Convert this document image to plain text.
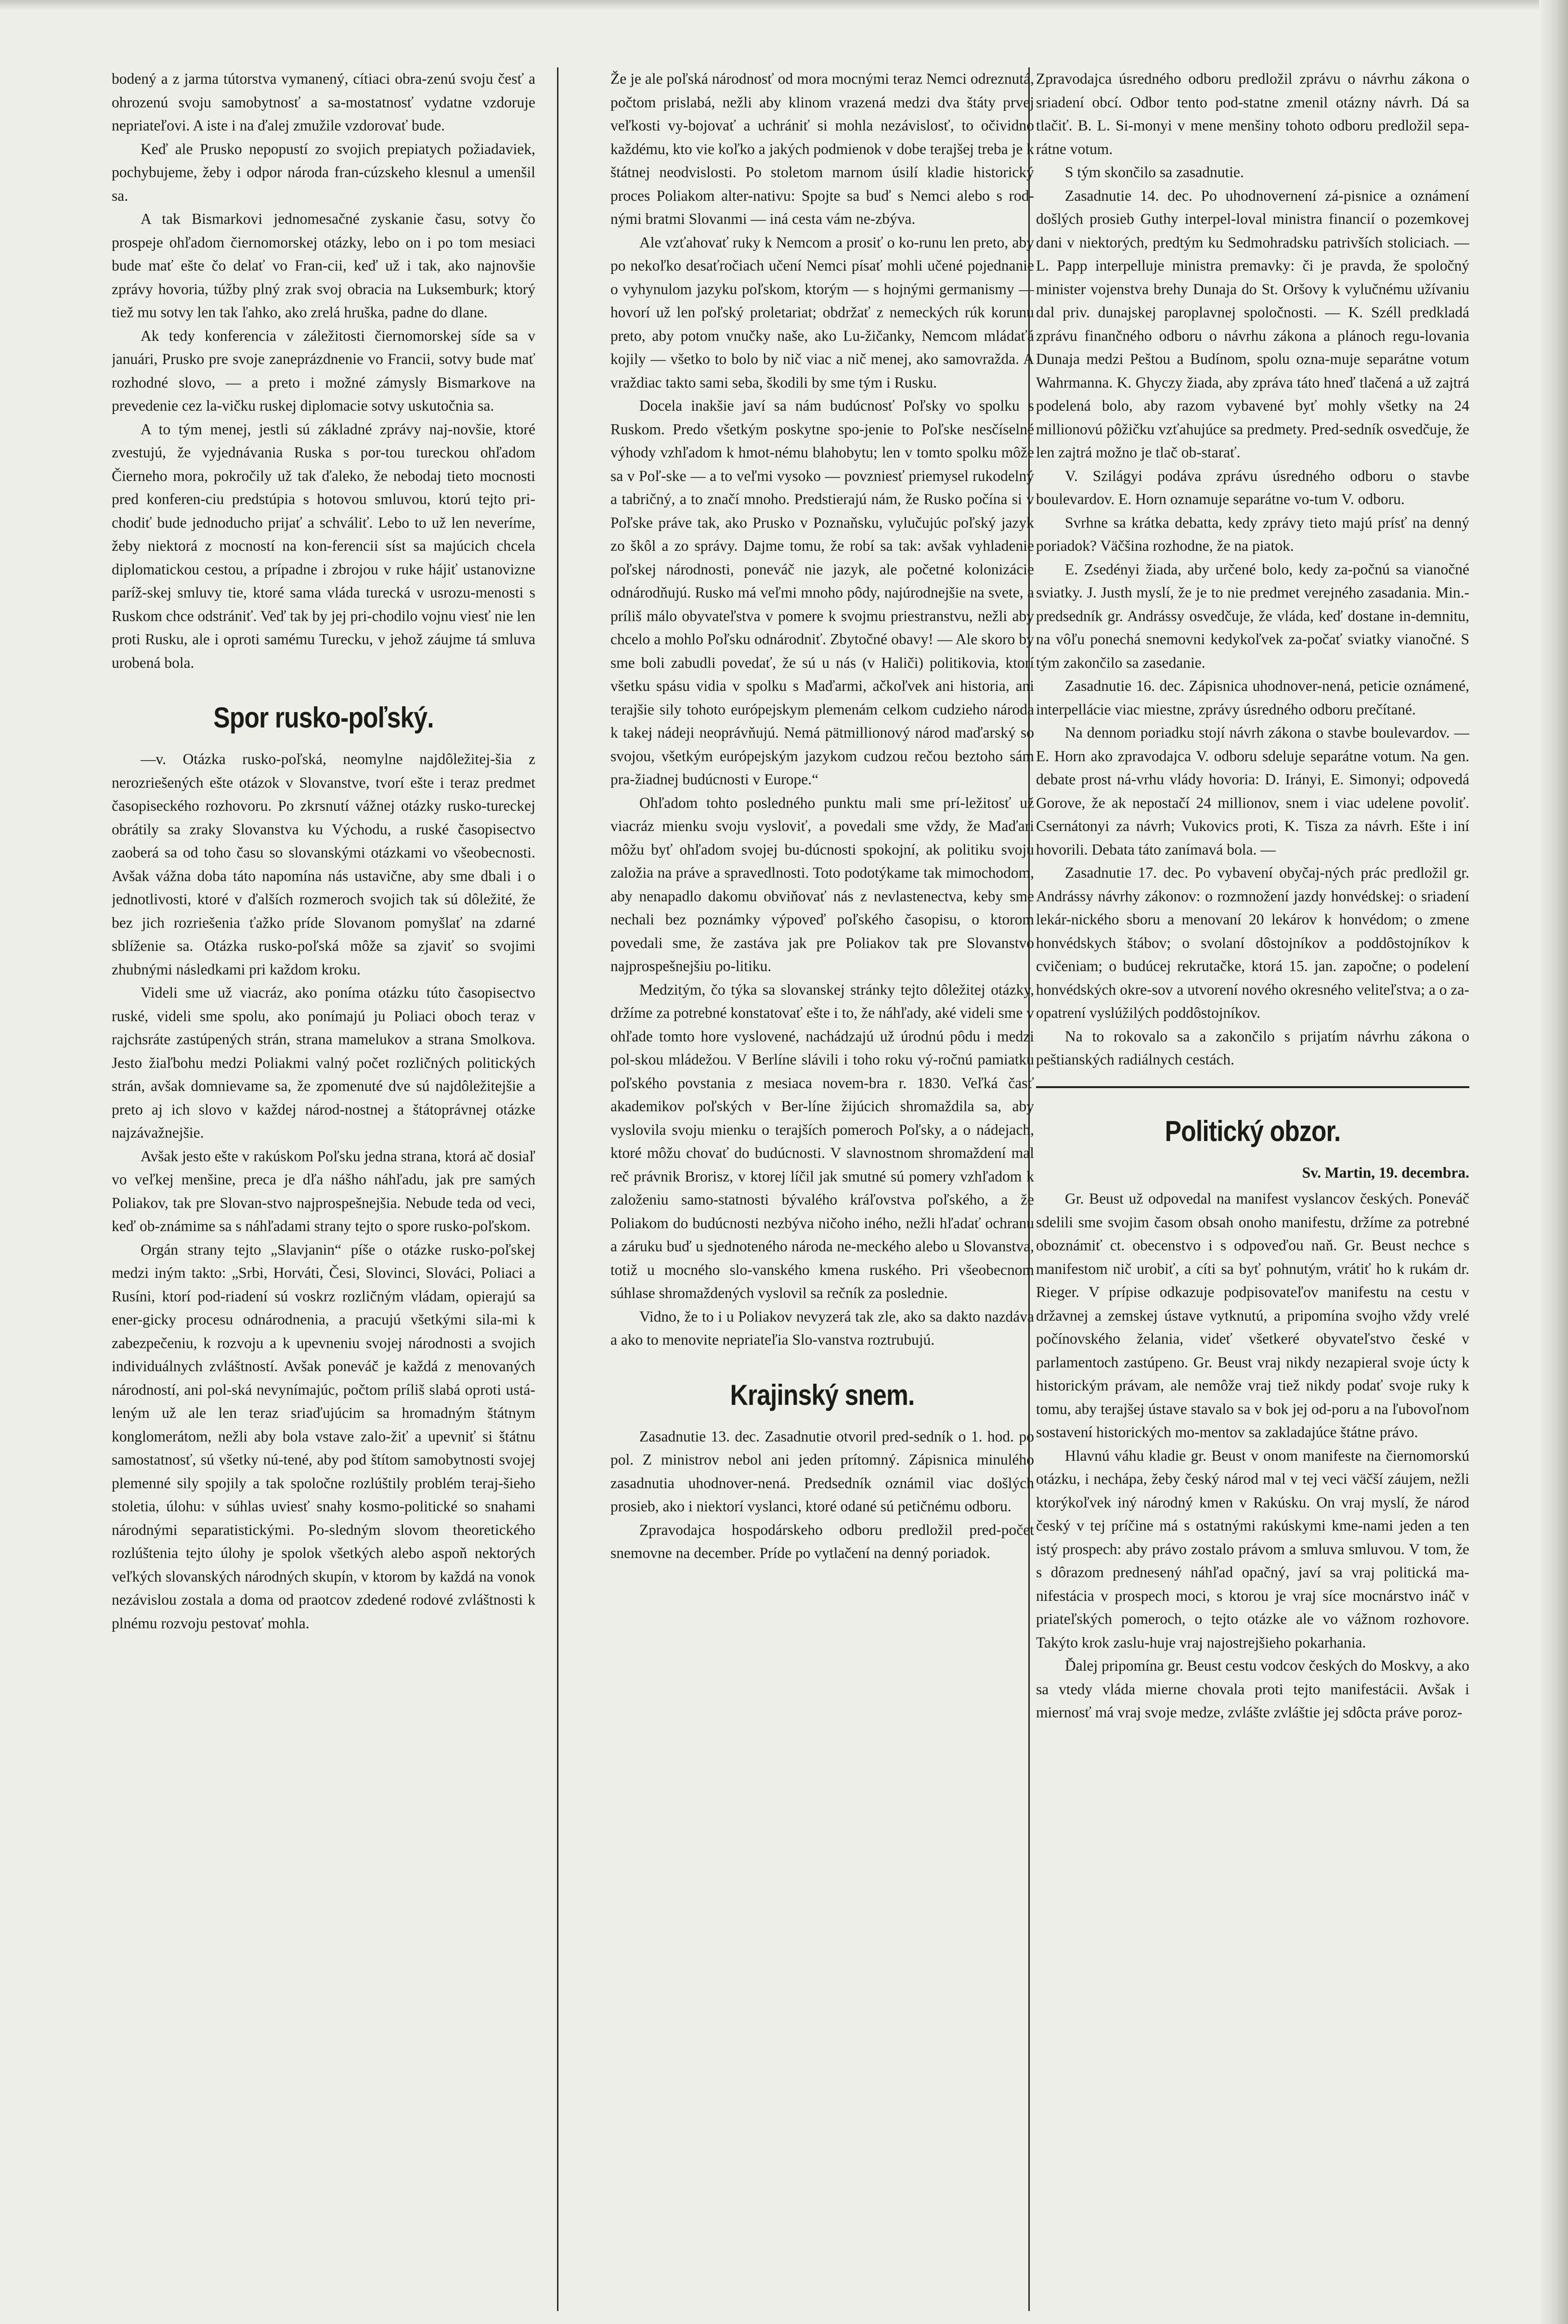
bodený a z jarma tútorstva vymanený, cítiaci obra-zenú svoju česť a ohrozenú svoju samobytnosť a sa-mostatnosť vydatne vzdoruje nepriateľovi. A iste i na ďalej zmužile vzdorovať bude.

Keď ale Prusko nepopustí zo svojich prepiatych požiadaviek, pochybujeme, žeby i odpor národa fran-cúzskeho klesnul a umenšil sa.

A tak Bismarkovi jednomesačné zyskanie času, sotvy čo prospeje ohľadom čiernomorskej otázky, lebo on i po tom mesiaci bude mať ešte čo delať vo Fran-cii, keď už i tak, ako najnovšie zprávy hovoria, túžby plný zrak svoj obracia na Luksemburk; ktorý tiež mu sotvy len tak ľahko, ako zrelá hruška, padne do dlane.

Ak tedy konferencia v záležitosti čiernomorskej síde sa v januári, Prusko pre svoje zaneprázdnenie vo Francii, sotvy bude mať rozhodné slovo, — a preto i možné zámysly Bismarkove na prevedenie cez la-vičku ruskej diplomacie sotvy uskutočnia sa.

A to tým menej, jestli sú základné zprávy naj-novšie, ktoré zvestujú, že vyjednávania Ruska s por-tou tureckou ohľadom Čierneho mora, pokročily už tak ďaleko, že nebodaj tieto mocnosti pred konferen-ciu predstúpia s hotovou smluvou, ktorú tejto pri-chodiť bude jednoducho prijať a schváliť. Lebo to už len neveríme, žeby niektorá z mocností na kon-ferencii síst sa majúcich chcela diplomatickou cestou, a prípadne i zbrojou v ruke hájiť ustanovizne paríž-skej smluvy tie, ktoré sama vláda turecká v usrozu-menosti s Ruskom chce odstrániť. Veď tak by jej pri-chodilo vojnu viesť nie len proti Rusku, ale i oproti samému Turecku, v jehož záujme tá smluva urobená bola.

Spor rusko-poľský.

—v. Otázka rusko-poľská, neomylne najdôležitej-šia z nerozriešených ešte otázok v Slovanstve, tvorí ešte i teraz predmet časopiseckého rozhovoru. Po zkrsnutí vážnej otázky rusko-tureckej obrátily sa zraky Slovanstva ku Východu, a ruské časopisectvo zaoberá sa od toho času so slovanskými otázkami vo všeobecnosti. Avšak vážna doba táto napomína nás ustavične, aby sme dbali i o jednotlivosti, ktoré v ďalších rozmeroch svojich tak sú dôležité, že bez jich rozriešenia ťažko príde Slovanom pomyšlať na zdarné sblíženie sa. Otázka rusko-poľská môže sa zjaviť so svojimi zhubnými následkami pri každom kroku.

Videli sme už viacráz, ako poníma otázku túto časopisectvo ruské, videli sme spolu, ako ponímajú ju Poliaci oboch teraz v rajchsráte zastúpených strán, strana mamelukov a strana Smolkova. Jesto žiaľbohu medzi Poliakmi valný počet rozličných politických strán, avšak domnievame sa, že zpomenuté dve sú najdôležitejšie a preto aj ich slovo v každej národ-nostnej a štátoprávnej otázke najzávažnejšie.

Avšak jesto ešte v rakúskom Poľsku jedna strana, ktorá ač dosiaľ vo veľkej menšine, preca je dľa nášho náhľadu, jak pre samých Poliakov, tak pre Slovan-stvo najprospešnejšia. Nebude teda od veci, keď ob-známime sa s náhľadami strany tejto o spore rusko-poľskom.

Orgán strany tejto „Slavjanin“ píše o otázke rusko-poľskej medzi iným takto: „Srbi, Horváti, Česi, Slovinci, Slováci, Poliaci a Rusíni, ktorí pod-riadení sú voskrz rozličným vládam, opierajú sa ener-gicky procesu odnárodnenia, a pracujú všetkými sila-mi k zabezpečeniu, k rozvoju a k upevneniu svojej národnosti a svojich individuálnych zvláštností. Avšak poneváč je každá z menovaných národností, ani pol-ská nevynímajúc, počtom príliš slabá oproti ustá-leným už ale len teraz sriaďujúcim sa hromadným štátnym konglomerátom, nežli aby bola vstave zalo-žiť a upevniť si štátnu samostatnosť, sú všetky nú-tené, aby pod štítom samobytnosti svojej plemenné sily spojily a tak spoločne rozlúštily problém teraj-šieho stoletia, úlohu: v súhlas uviesť snahy kosmo-politické so snahami národnými separatistickými. Po-sledným slovom theoretického rozlúštenia tejto úlohy je spolok všetkých alebo aspoň nektorých veľkých slovanských národných skupín, v ktorom by každá na vonok nezávislou zostala a doma od praotcov zdedené rodové zvláštnosti k plnému rozvoju pestovať mohla.

Že je ale poľská národnosť od mora mocnými teraz Nemci odreznutá, počtom prislabá, nežli aby klinom vrazená medzi dva štáty prvej veľkosti vy-bojovať a uchrániť si mohla nezávislosť, to očividno každému, kto vie koľko a jakých podmienok v dobe terajšej treba je k štátnej neodvislosti. Po stoletom marnom úsilí kladie historický proces Poliakom alter-nativu: Spojte sa buď s Nemci alebo s rod-nými bratmi Slovanmi — iná cesta vám ne-zbýva.

Ale vzťahovať ruky k Nemcom a prosiť o ko-runu len preto, aby po nekoľko desaťročiach učení Nemci písať mohli učené pojednanie o vyhynulom jazyku poľskom, ktorým — s hojnými germanismy — hovorí už len poľský proletariat; obdržať z nemeckých rúk korunu preto, aby potom vnučky naše, ako Lu-žičanky, Nemcom mládaťá kojily — všetko to bolo by nič viac a nič menej, ako samovražda. A vraždiac takto sami seba, škodili by sme tým i Rusku.

Docela inakšie javí sa nám budúcnosť Poľsky vo spolku s Ruskom. Predo všetkým poskytne spo-jenie to Poľske nesčíselné výhody vzhľadom k hmot-nému blahobytu; len v tomto spolku môže sa v Poľ-ske — a to veľmi vysoko — povzniesť priemysel rukodelný a tabričný, a to značí mnoho. Predstierajú nám, že Rusko počína si v Poľske práve tak, ako Prusko v Poznaňsku, vylučujúc poľský jazyk zo škôl a zo správy. Dajme tomu, že robí sa tak: avšak vyhladenie poľskej národnosti, poneváč nie jazyk, ale početné kolonizácie odnárodňujú. Rusko má veľmi mnoho pôdy, najúrodnejšie na svete, a príliš málo obyvateľstva v pomere k svojmu priestranstvu, nežli aby chcelo a mohlo Poľsku odnárodniť. Zbytočné obavy! — Ale skoro by sme boli zabudli povedať, že sú u nás (v Haliči) politikovia, ktorí všetku spásu vidia v spolku s Maďarmi, ačkoľvek ani historia, ani terajšie sily tohoto európejskym plemenám celkom cudzieho národa k takej nádeji neoprávňujú. Nemá pätmillionový národ maďarský so svojou, všetkým európejským jazykom cudzou rečou beztoho sám pra-žiadnej budúcnosti v Europe.“

Ohľadom tohto posledného punktu mali sme prí-ležitosť už viacráz mienku svoju vysloviť, a povedali sme vždy, že Maďari môžu byť ohľadom svojej bu-dúcnosti spokojní, ak politiku svoju založia na práve a spravedlnosti. Toto podotýkame tak mimochodom, aby nenapadlo dakomu obviňovať nás z nevlastenectva, keby sme nechali bez poznámky výpoveď poľského časopisu, o ktorom povedali sme, že zastáva jak pre Poliakov tak pre Slovanstvo najprospešnejšiu po-litiku.

Medzitým, čo týka sa slovanskej stránky tejto dôležitej otázky, držíme za potrebné konstatovať ešte i to, že náhľady, aké videli sme v ohľade tomto hore vyslovené, nachádzajú už úrodnú pôdu i medzi pol-skou mládežou. V Berlíne slávili i toho roku vý-ročnú pamiatku poľského povstania z mesiaca novem-bra r. 1830. Veľká časť akademikov poľských v Ber-líne žijúcich shromaždila sa, aby vyslovila svoju mienku o terajších pomeroch Poľsky, a o nádejach, ktoré môžu chovať do budúcnosti. V slavnostnom shromaždení mal reč právnik Brorisz, v ktorej líčil jak smutné sú pomery vzhľadom k založeniu samo-statnosti bývalého kráľovstva poľského, a že Poliakom do budúcnosti nezbýva ničoho iného, nežli hľadať ochranu a záruku buď u sjednoteného národa ne-meckého alebo u Slovanstva, totiž u mocného slo-vanského kmena ruského. Pri všeobecnom súhlase shromaždených vyslovil sa rečník za poslednie.

Vidno, že to i u Poliakov nevyzerá tak zle, ako sa dakto nazdáva a ako to menovite nepriateľia Slo-vanstva roztrubujú.

Krajinský snem.

Zasadnutie 13. dec. Zasadnutie otvoril pred-sedník o 1. hod. po pol. Z ministrov nebol ani jeden prítomný. Zápisnica minulého zasadnutia uhodnover-nená. Predsedník oznámil viac došlých prosieb, ako i niektorí vyslanci, ktoré odané sú petičnému odboru.

Zpravodajca hospodárskeho odboru predložil pred-počet snemovne na december. Príde po vytlačení na denný poriadok.

Zpravodajca úsredného odboru predložil zprávu o návrhu zákona o sriadení obcí. Odbor tento pod-statne zmenil otázny návrh. Dá sa tlačiť. B. L. Si-monyi v mene menšiny tohoto odboru predložil sepa-rátne votum.

S tým skončilo sa zasadnutie.

Zasadnutie 14. dec. Po uhodnovernení zá-pisnice a oznámení došlých prosieb Guthy interpel-loval ministra financií o pozemkovej dani v niektorých, predtým ku Sedmohradsku patrivších stoliciach. — L. Papp interpelluje ministra premavky: či je pravda, že spoločný minister vojenstva brehy Dunaja do St. Oršovy k vylučnému užívaniu dal priv. dunajskej paroplavnej spoločnosti. — K. Széll predkladá zprávu finančného odboru o návrhu zákona a plánoch regu-lovania Dunaja medzi Peštou a Budínom, spolu ozna-muje separátne votum Wahrmanna. K. Ghyczy žiada, aby zpráva táto hneď tlačená a už zajtrá podelená bolo, aby razom vybavené byť mohly všetky na 24 millionovú pôžičku vzťahujúce sa predmety. Pred-sedník osvedčuje, že len zajtrá možno je tlač ob-starať.

V. Szilágyi podáva zprávu úsredného odboru o stavbe boulevardov. E. Horn oznamuje separátne vo-tum V. odboru.

Svrhne sa krátka debatta, kedy zprávy tieto majú prísť na denný poriadok? Väčšina rozhodne, že na piatok.

E. Zsedényi žiada, aby určené bolo, kedy za-počnú sa vianočné sviatky. J. Justh myslí, že je to nie predmet verejného zasadania. Min.-predsedník gr. Andrássy osvedčuje, že vláda, keď dostane in-demnitu, na vôľu ponechá snemovni kedykoľvek za-počať sviatky vianočné. S tým zakončilo sa zasedanie.

Zasadnutie 16. dec. Zápisnica uhodnover-nená, peticie oznámené, interpellácie viac miestne, zprávy úsredného odboru prečítané.

Na dennom poriadku stojí návrh zákona o stavbe boulevardov. — E. Horn ako zpravodajca V. odboru sdeluje separátne votum. Na gen. debate prost ná-vrhu vlády hovoria: D. Irányi, E. Simonyi; odpovedá Gorove, že ak nepostačí 24 millionov, snem i viac udelene povoliť. Csernátonyi za návrh; Vukovics proti, K. Tisza za návrh. Ešte i iní hovorili. Debata táto zanímavá bola. —

Zasadnutie 17. dec. Po vybavení obyčaj-ných prác predložil gr. Andrássy návrhy zákonov: o rozmnožení jazdy honvédskej: o sriadení lekár-nického sboru a menovaní 20 lekárov k honvédom; o zmene honvédskych štábov; o svolaní dôstojníkov a poddôstojníkov k cvičeniam; o budúcej rekrutačke, ktorá 15. jan. započne; o podelení honvédských okre-sov a utvorení nového okresného veliteľstva; a o za-opatrení vyslúžilých poddôstojníkov.

Na to rokovalo sa a zakončilo s prijatím návrhu zákona o peštianských radiálnych cestách.

Politický obzor.
Sv. Martin, 19. decembra.

Gr. Beust už odpovedal na manifest vyslancov českých. Poneváč sdelili sme svojim časom obsah onoho manifestu, držíme za potrebné oboznámiť ct. obecenstvo i s odpoveďou naň. Gr. Beust nechce s manifestom nič urobiť, a cíti sa byť pohnutým, vrátiť ho k rukám dr. Rieger. V prípise odkazuje podpisovateľov manifestu na cestu v državnej a zemskej ústave vytknutú, a pripomína svojho vždy vrelé počínovského želania, videť všetkeré obyvateľstvo české v parlamentoch zastúpeno. Gr. Beust vraj nikdy nezapieral svoje úcty k historickým právam, ale nemôže vraj tiež nikdy podať svoje ruky k tomu, aby terajšej ústave stavalo sa v bok jej od-poru a na ľubovoľnom sostavení historických mo-mentov sa zakladajúce štátne právo.

Hlavnú váhu kladie gr. Beust v onom manifeste na čiernomorskú otázku, i nechápa, žeby český národ mal v tej veci väčší záujem, nežli ktorýkoľvek iný národný kmen v Rakúsku. On vraj myslí, že národ český v tej príčine má s ostatnými rakúskymi kme-nami jeden a ten istý prospech: aby právo zostalo právom a smluva smluvou. V tom, že s dôrazom prednesený náhľad opačný, javí sa vraj politická ma-nifestácia v prospech moci, s ktorou je vraj síce mocnárstvo ináč v priateľských pomeroch, o tejto otázke ale vo vážnom rozhovore. Takýto krok zaslu-huje vraj najostrejšieho pokarhania.

Ďalej pripomína gr. Beust cestu vodcov českých do Moskvy, a ako sa vtedy vláda mierne chovala proti tejto manifestácii. Avšak i miernosť má vraj svoje medze, zvlášte zvláštie jej sdôcta práve poroz-
